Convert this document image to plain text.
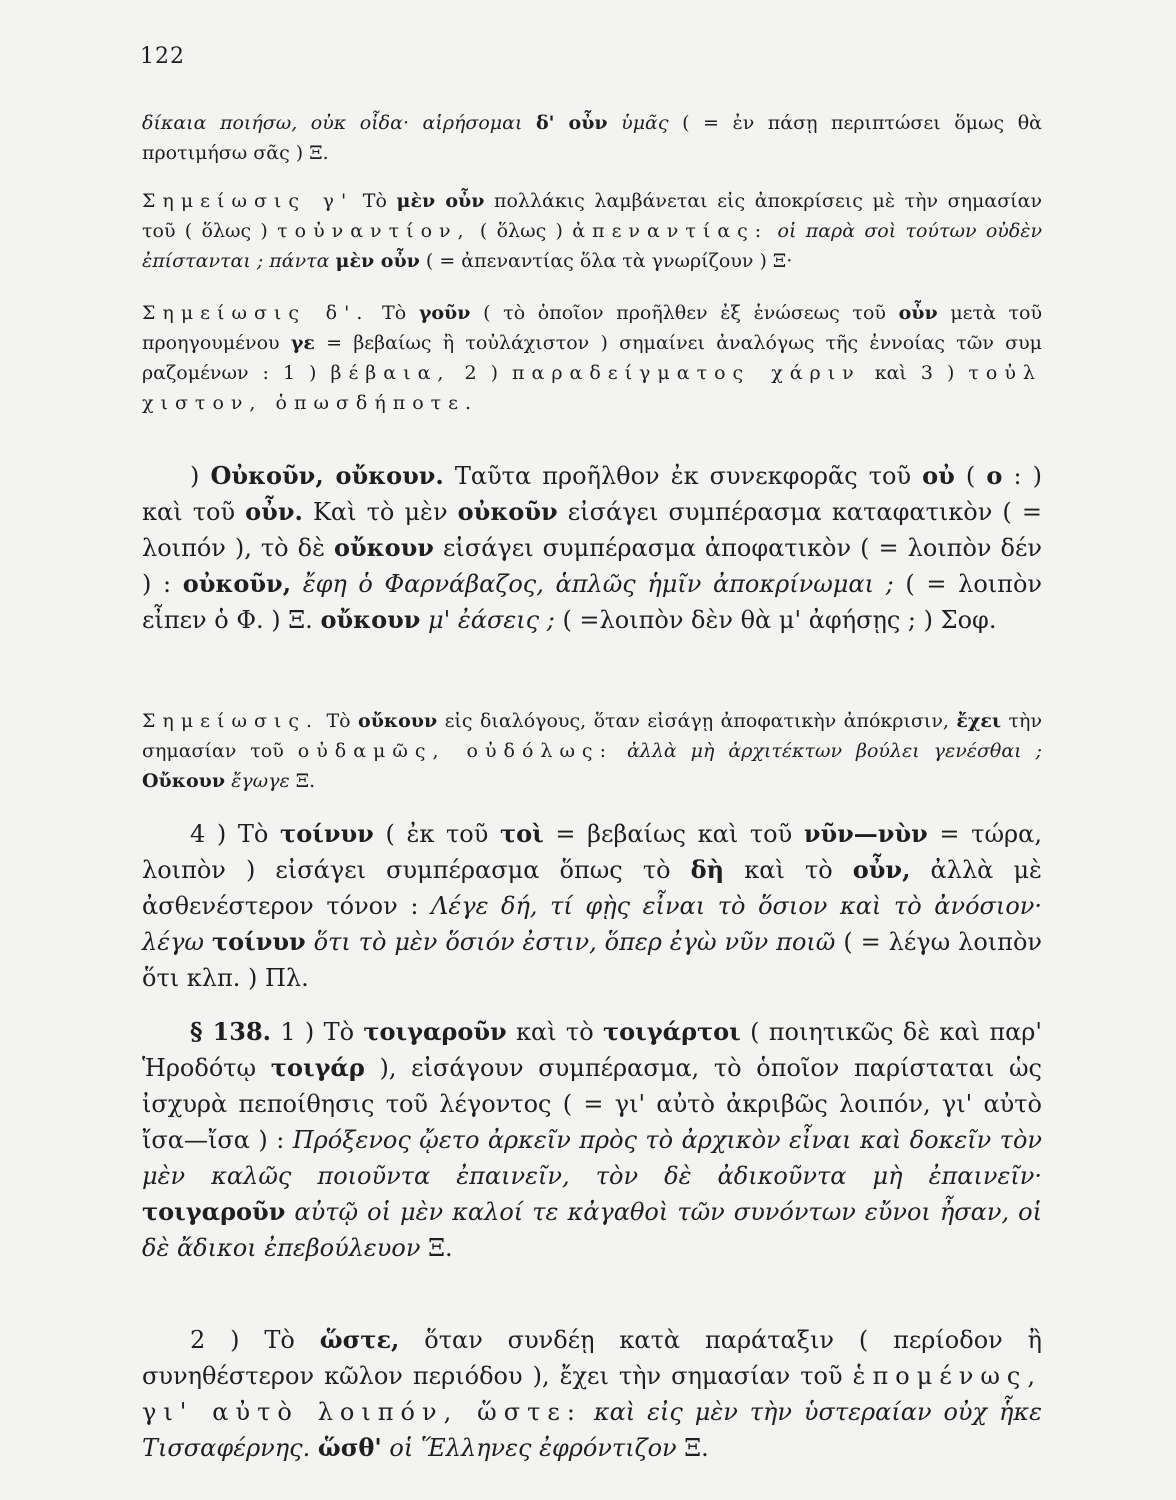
122

δίκαια ποιήσω, οὐκ οἶδα· αἱρήσομαι δ' οὖν ὑμᾶς ( = ἐν πάσῃ περιπτώσει ὅμως θὰ προτιμήσω σᾶς ) Ξ.

Σημείωσις γ' Τὸ μὲν οὖν πολλάκις λαμβάνεται εἰς ἀποκρίσεις μὲ τὴν σημασίαν τοῦ ( ὅλως ) τοὐναντίον, ( ὅλως ) ἀπεναντίας: οἱ παρὰ σοὶ τούτων οὐδὲν ἐπίστανται ; πάντα μὲν οὖν ( = ἀπεναντίας ὅλα τὰ γνωρίζουν ) Ξ·

Σημείωσις δ'. Τὸ γοῦν ( τὸ ὁποῖον προῆλθεν ἐξ ἑνώσεως τοῦ οὖν μετὰ τοῦ προηγουμένου γε = βεβαίως ἢ τοὐλάχιστον ) σημαίνει ἀναλόγως τῆς ἐννοίας τῶν συμ ραζομένων : 1 ) βέβαια, 2 ) παραδείγματος χάριν καὶ 3 ) τοὐλ χιστον, ὁπωσδήποτε.

) Οὐκοῦν, οὔκουν. Ταῦτα προῆλθον ἐκ συνεκφορᾶς τοῦ οὐ ( ο : ) καὶ τοῦ οὖν. Καὶ τὸ μὲν οὐκοῦν εἰσάγει συμπέρασμα καταφατικὸν ( = λοιπόν ), τὸ δὲ οὔκουν εἰσάγει συμπέρασμα ἀποφατικὸν ( = λοιπὸν δέν ) : οὐκοῦν, ἔφη ὁ Φαρνάβαζος, ἁπλῶς ἡμῖν ἀποκρίνωμαι ; ( = λοιπὸν εἶπεν ὁ Φ. ) Ξ. οὔκουν μ' ἐάσεις ; ( =λοιπὸν δὲν θὰ μ' ἀφήσῃς ; ) Σοφ.

Σημείωσις. Τὸ οὔκουν εἰς διαλόγους, ὅταν εἰσάγῃ ἀποφατικὴν ἀπόκρισιν, ἔχει τὴν σημασίαν τοῦ οὐδαμῶς, οὐδόλως: ἀλλὰ μὴ ἀρχιτέκτων βούλει γενέσθαι ; Οὔκουν ἔγωγε Ξ.

4 ) Τὸ τοίνυν ( ἐκ τοῦ τοὶ = βεβαίως καὶ τοῦ νῦν—νὺν = τώρα, λοιπὸν ) εἰσάγει συμπέρασμα ὅπως τὸ δὴ καὶ τὸ οὖν, ἀλλὰ μὲ ἀσθενέστερον τόνον : Λέγε δή, τί φῂς εἶναι τὸ ὅσιον καὶ τὸ ἀνόσιον· λέγω τοίνυν ὅτι τὸ μὲν ὅσιόν ἐστιν, ὅπερ ἐγὼ νῦν ποιῶ ( = λέγω λοιπὸν ὅτι κλπ. ) Πλ.

§ 138. 1 ) Τὸ τοιγαροῦν καὶ τὸ τοιγάρτοι ( ποιητικῶς δὲ καὶ παρ' Ἡροδότῳ τοιγάρ ), εἰσάγουν συμπέρασμα, τὸ ὁποῖον παρίσταται ὡς ἰσχυρὰ πεποίθησις τοῦ λέγοντος ( = γι' αὐτὸ ἀκριβῶς λοιπόν, γι' αὐτὸ ἴσα—ἴσα ) : Πρόξενος ᾤετο ἀρκεῖν πρὸς τὸ ἀρχικὸν εἶναι καὶ δοκεῖν τὸν μὲν καλῶς ποιοῦντα ἐπαινεῖν, τὸν δὲ ἀδικοῦντα μὴ ἐπαινεῖν· τοιγαροῦν αὐτῷ οἱ μὲν καλοί τε κἀγαθοὶ τῶν συνόντων εὔνοι ἦσαν, οἱ δὲ ἄδικοι ἐπεβούλευον Ξ.

2 ) Τὸ ὥστε, ὅταν συνδέῃ κατὰ παράταξιν ( περίοδον ἢ συνηθέστερον κῶλον περιόδου ), ἔχει τὴν σημασίαν τοῦ ἑπομένως, γι' αὐτὸ λοιπόν, ὥστε: καὶ εἰς μὲν τὴν ὑστεραίαν οὐχ ἧκε Τισσαφέρνης. ὥσθ' οἱ Ἕλληνες ἐφρόντιζον Ξ.
